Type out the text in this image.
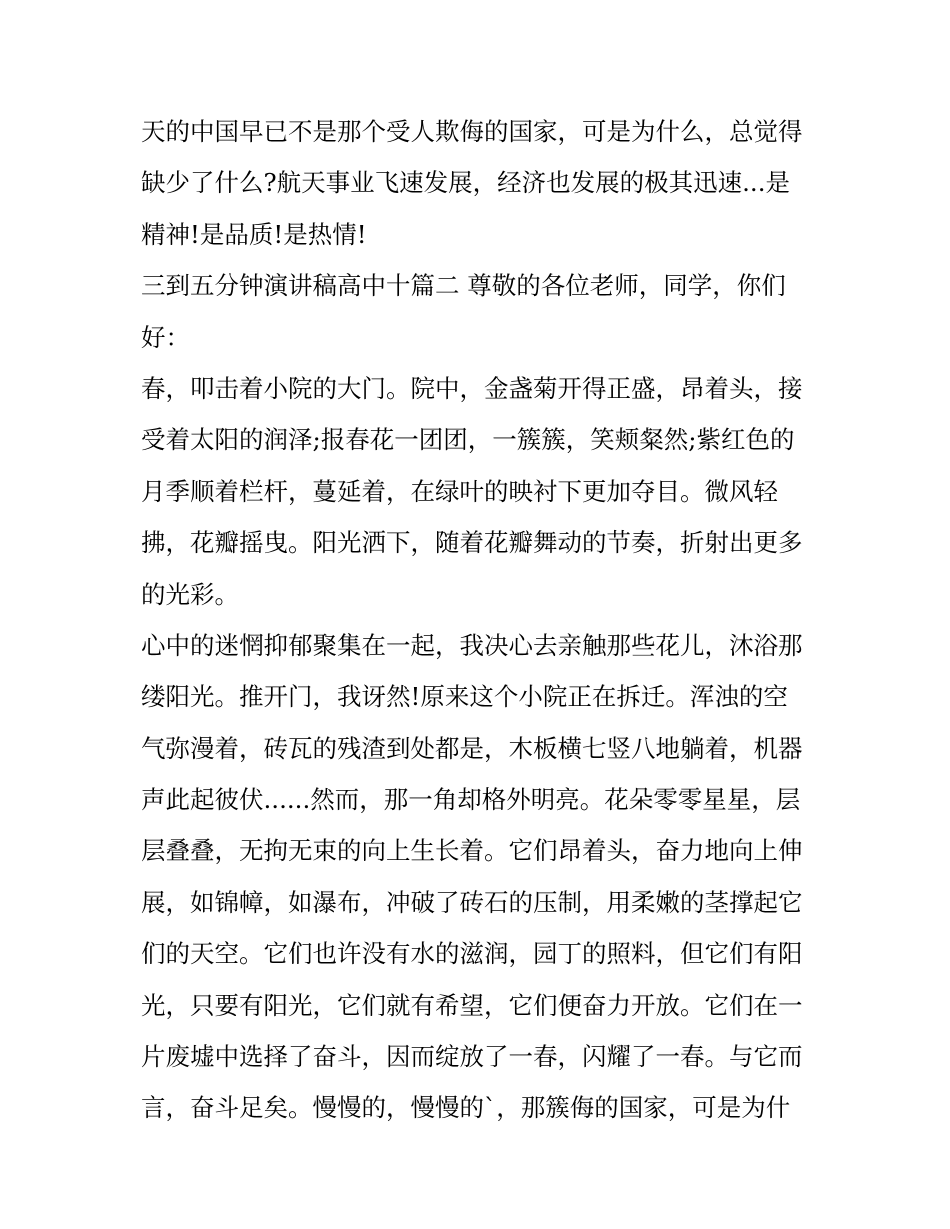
天的中国早已不是那个受人欺侮的国家，可是为什么，总觉得
缺少了什么?航天事业飞速发展，经济也发展的极其迅速...是
精神!是品质!是热情!
三到五分钟演讲稿高中十篇二 尊敬的各位老师，同学，你们
好：
春，叩击着小院的大门。院中，金盏菊开得正盛，昂着头，接
受着太阳的润泽;报春花一团团，一簇簇，笑颊粲然;紫红色的
月季顺着栏杆，蔓延着，在绿叶的映衬下更加夺目。微风轻
拂，花瓣摇曳。阳光洒下，随着花瓣舞动的节奏，折射出更多
的光彩。
心中的迷惘抑郁聚集在一起，我决心去亲触那些花儿，沐浴那
缕阳光。推开门，我讶然!原来这个小院正在拆迁。浑浊的空
气弥漫着，砖瓦的残渣到处都是，木板横七竖八地躺着，机器
声此起彼伏......然而，那一角却格外明亮。花朵零零星星，层
层叠叠，无拘无束的向上生长着。它们昂着头，奋力地向上伸
展，如锦幛，如瀑布，冲破了砖石的压制，用柔嫩的茎撑起它
们的天空。它们也许没有水的滋润，园丁的照料，但它们有阳
光，只要有阳光，它们就有希望，它们便奋力开放。它们在一
片废墟中选择了奋斗，因而绽放了一春，闪耀了一春。与它而
言，奋斗足矣。慢慢的，慢慢的`，那簇侮的国家，可是为什
